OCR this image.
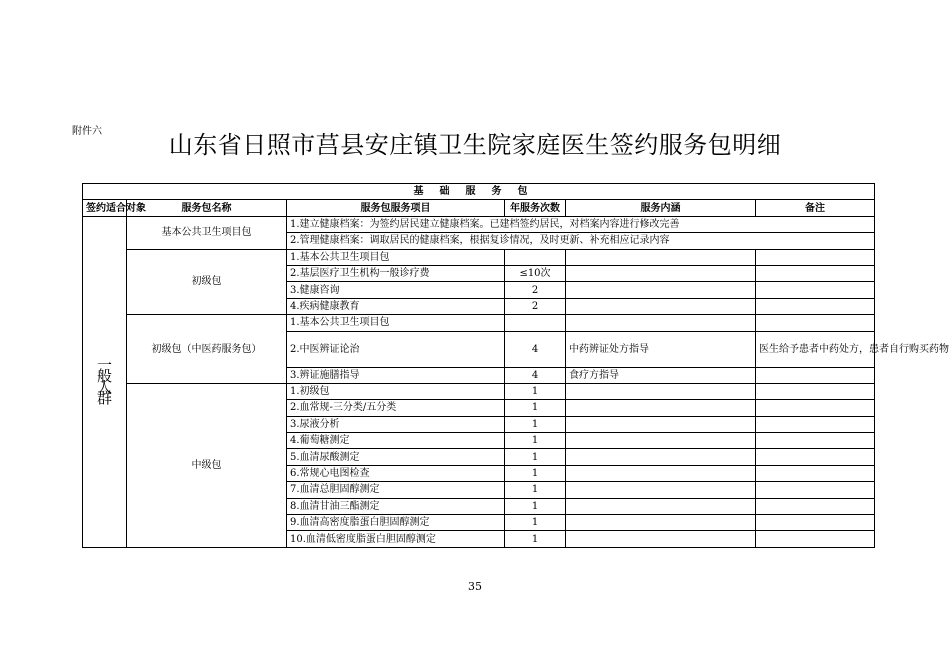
附件六	山东省日照市莒县安庄镇卫生院家庭医生签约服务包明细
基础服务包					
签约适合对象	服务包名称	服务包服务项目	年服务次数	服务内涵	备注
一般人群	基本公共卫生项目包	1.建立健康档案：为签约居民建立健康档案。已建档签约居民，对档案内容进行修改完善			
		2.管理健康档案：调取居民的健康档案，根据复诊情况，及时更新、补充相应记录内容			
	初级包	1.基本公共卫生项目包			
		2.基层医疗卫生机构一般诊疗费	≤10次		
		3.健康咨询	2		
		4.疾病健康教育	2		
	初级包（中医药服务包）	1.基本公共卫生项目包			
		2.中医辨证论治	4	中药辨证处方指导	医生给予患者中药处方，患者自行购买药物
		3.辨证施膳指导	4	食疗方指导	
	中级包	1.初级包	1		
		2.血常规-三分类/五分类	1		
		3.尿液分析	1		
		4.葡萄糖测定	1		
		5.血清尿酸测定	1		
		6.常规心电图检查	1		
		7.血清总胆固醇测定	1		
		8.血清甘油三酯测定	1		
		9.血清高密度脂蛋白胆固醇测定	1		
		10.血清低密度脂蛋白胆固醇测定	1		
35
